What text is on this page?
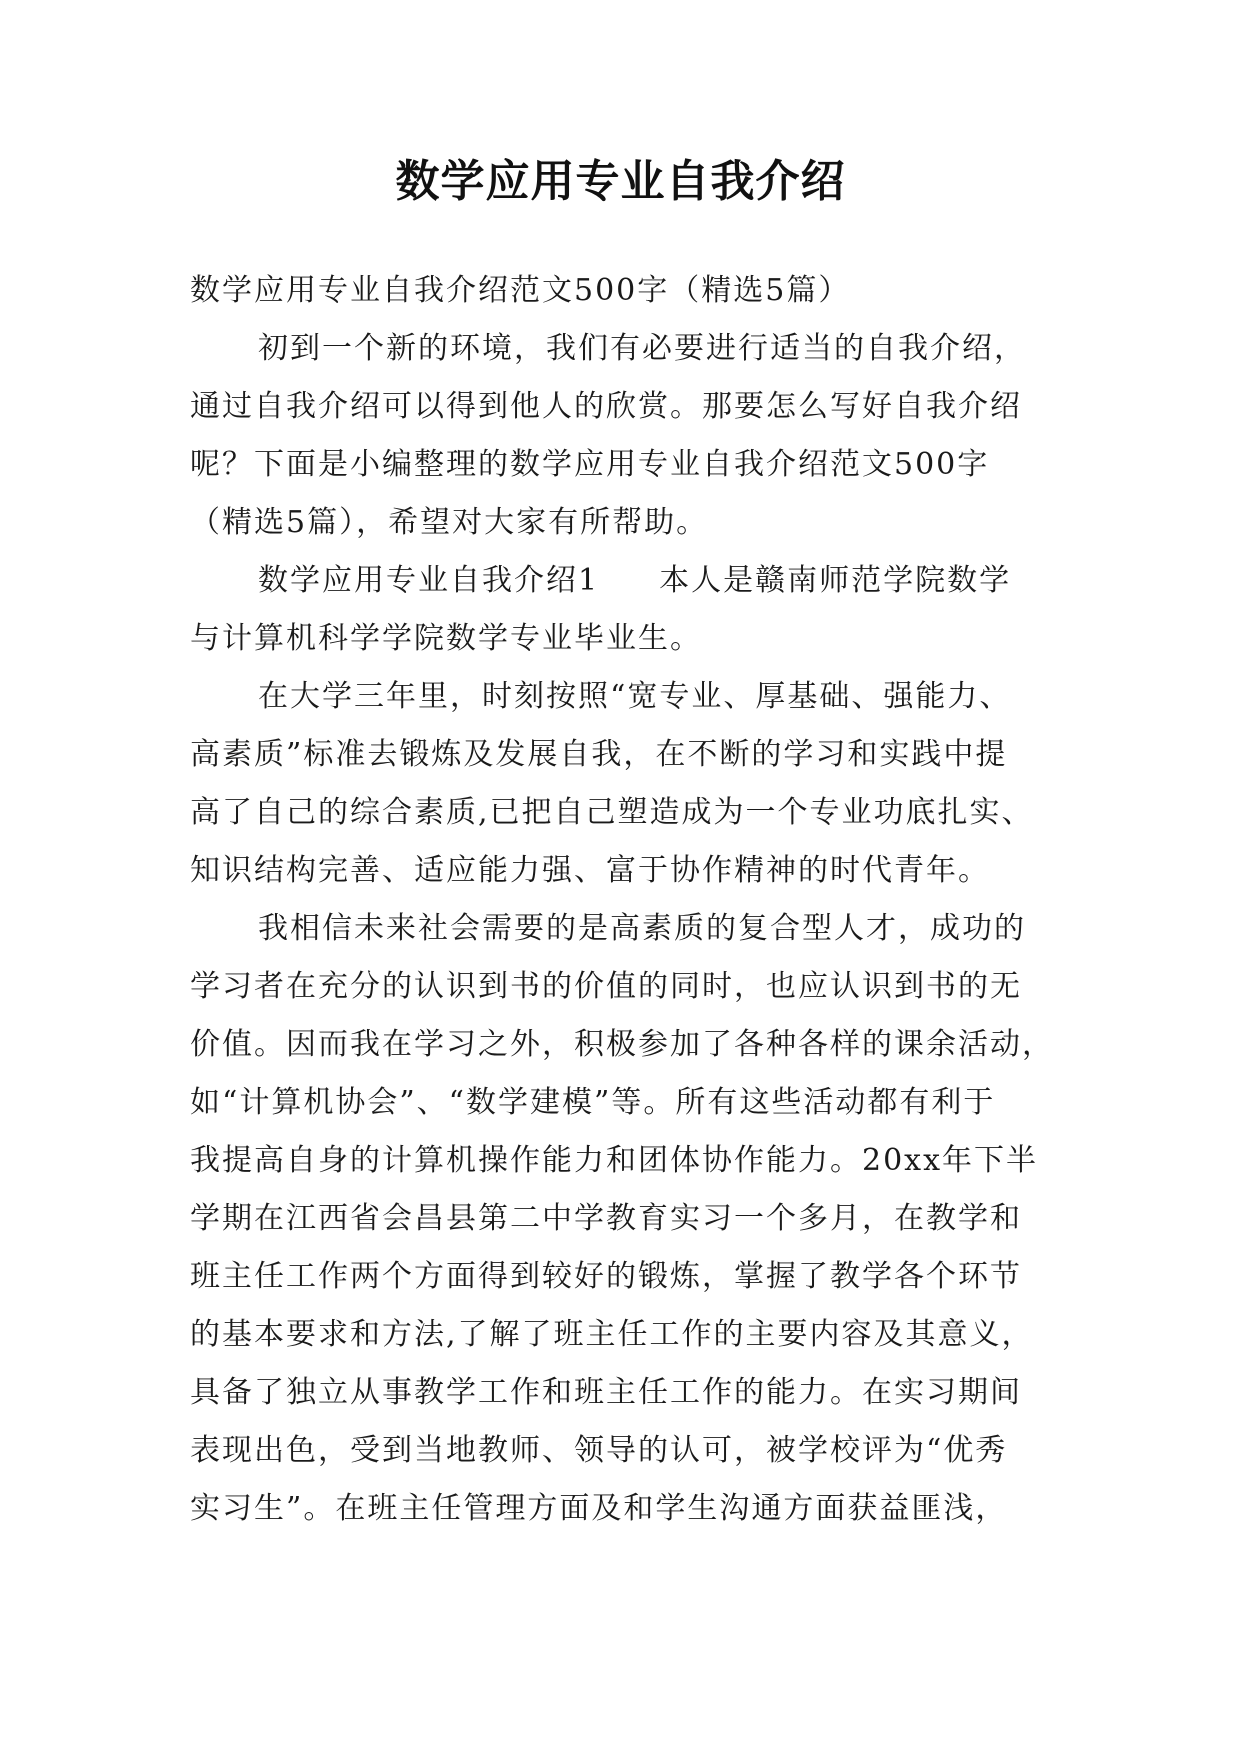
数学应用专业自我介绍
数学应用专业自我介绍范文500字（精选5篇）
初到一个新的环境，我们有必要进行适当的自我介绍，
通过自我介绍可以得到他人的欣赏。那要怎么写好自我介绍
呢？下面是小编整理的数学应用专业自我介绍范文500字
（精选5篇），希望对大家有所帮助。
数学应用专业自我介绍1 本人是赣南师范学院数学
与计算机科学学院数学专业毕业生。
在大学三年里，时刻按照“宽专业、厚基础、强能力、
高素质”标准去锻炼及发展自我，在不断的学习和实践中提
高了自己的综合素质,已把自己塑造成为一个专业功底扎实、
知识结构完善、适应能力强、富于协作精神的时代青年。
我相信未来社会需要的是高素质的复合型人才，成功的
学习者在充分的认识到书的价值的同时，也应认识到书的无
价值。因而我在学习之外，积极参加了各种各样的课余活动，
如“计算机协会”、“数学建模”等。所有这些活动都有利于
我提高自身的计算机操作能力和团体协作能力。20xx年下半
学期在江西省会昌县第二中学教育实习一个多月，在教学和
班主任工作两个方面得到较好的锻炼，掌握了教学各个环节
的基本要求和方法,了解了班主任工作的主要内容及其意义，
具备了独立从事教学工作和班主任工作的能力。在实习期间
表现出色，受到当地教师、领导的认可，被学校评为“优秀
实习生”。在班主任管理方面及和学生沟通方面获益匪浅，
